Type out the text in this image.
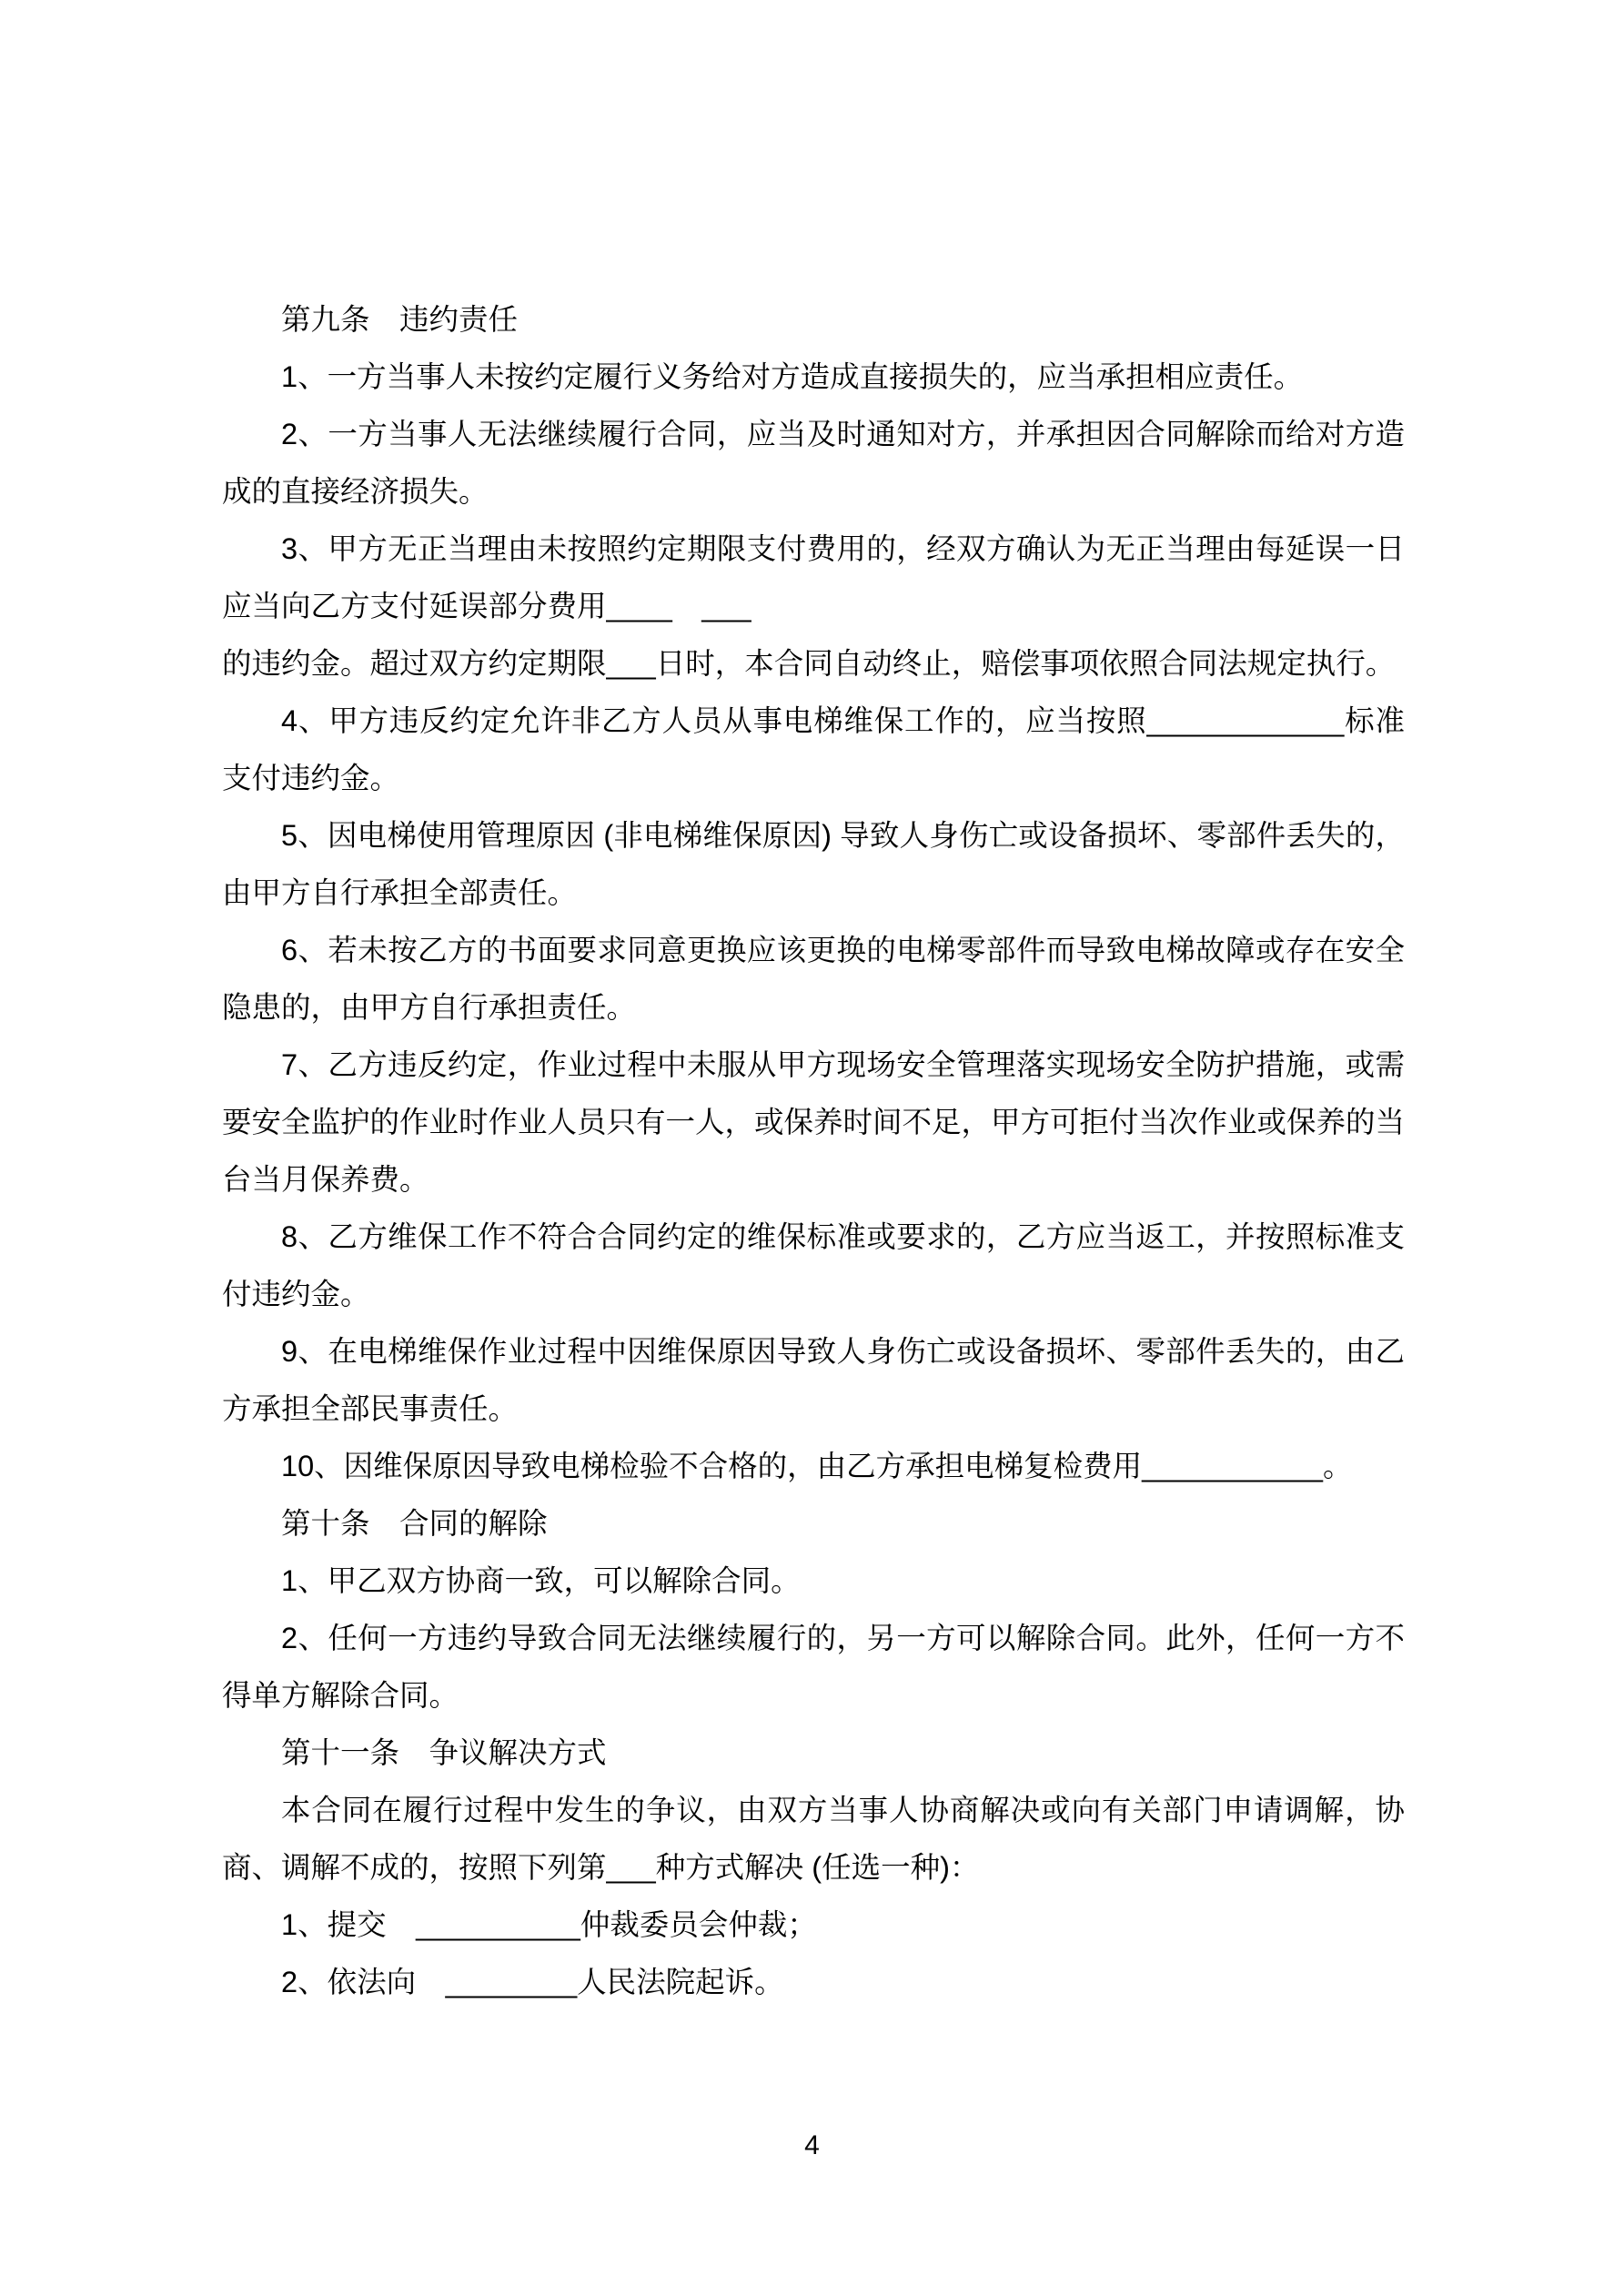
第九条　违约责任

1、一方当事人未按约定履行义务给对方造成直接损失的，应当承担相应责任。

2、一方当事人无法继续履行合同，应当及时通知对方，并承担因合同解除而给对方造成的直接经济损失。

3、甲方无正当理由未按照约定期限支付费用的，经双方确认为无正当理由每延误一日应当向乙方支付延误部分费用____　___
的违约金。超过双方约定期限___日时，本合同自动终止，赔偿事项依照合同法规定执行。

4、甲方违反约定允许非乙方人员从事电梯维保工作的，应当按照____________标准支付违约金。

5、因电梯使用管理原因 (非电梯维保原因) 导致人身伤亡或设备损坏、零部件丢失的，由甲方自行承担全部责任。

6、若未按乙方的书面要求同意更换应该更换的电梯零部件而导致电梯故障或存在安全隐患的，由甲方自行承担责任。

7、乙方违反约定，作业过程中未服从甲方现场安全管理落实现场安全防护措施，或需要安全监护的作业时作业人员只有一人，或保养时间不足，甲方可拒付当次作业或保养的当台当月保养费。

8、乙方维保工作不符合合同约定的维保标准或要求的，乙方应当返工，并按照标准支付违约金。

9、在电梯维保作业过程中因维保原因导致人身伤亡或设备损坏、零部件丢失的，由乙方承担全部民事责任。

10、因维保原因导致电梯检验不合格的，由乙方承担电梯复检费用___________。

第十条　合同的解除

1、甲乙双方协商一致，可以解除合同。

2、任何一方违约导致合同无法继续履行的，另一方可以解除合同。此外，任何一方不得单方解除合同。

第十一条　争议解决方式

本合同在履行过程中发生的争议，由双方当事人协商解决或向有关部门申请调解，协商、调解不成的，按照下列第___种方式解决 (任选一种)：

1、提交　__________仲裁委员会仲裁；

2、依法向　________人民法院起诉。

4
